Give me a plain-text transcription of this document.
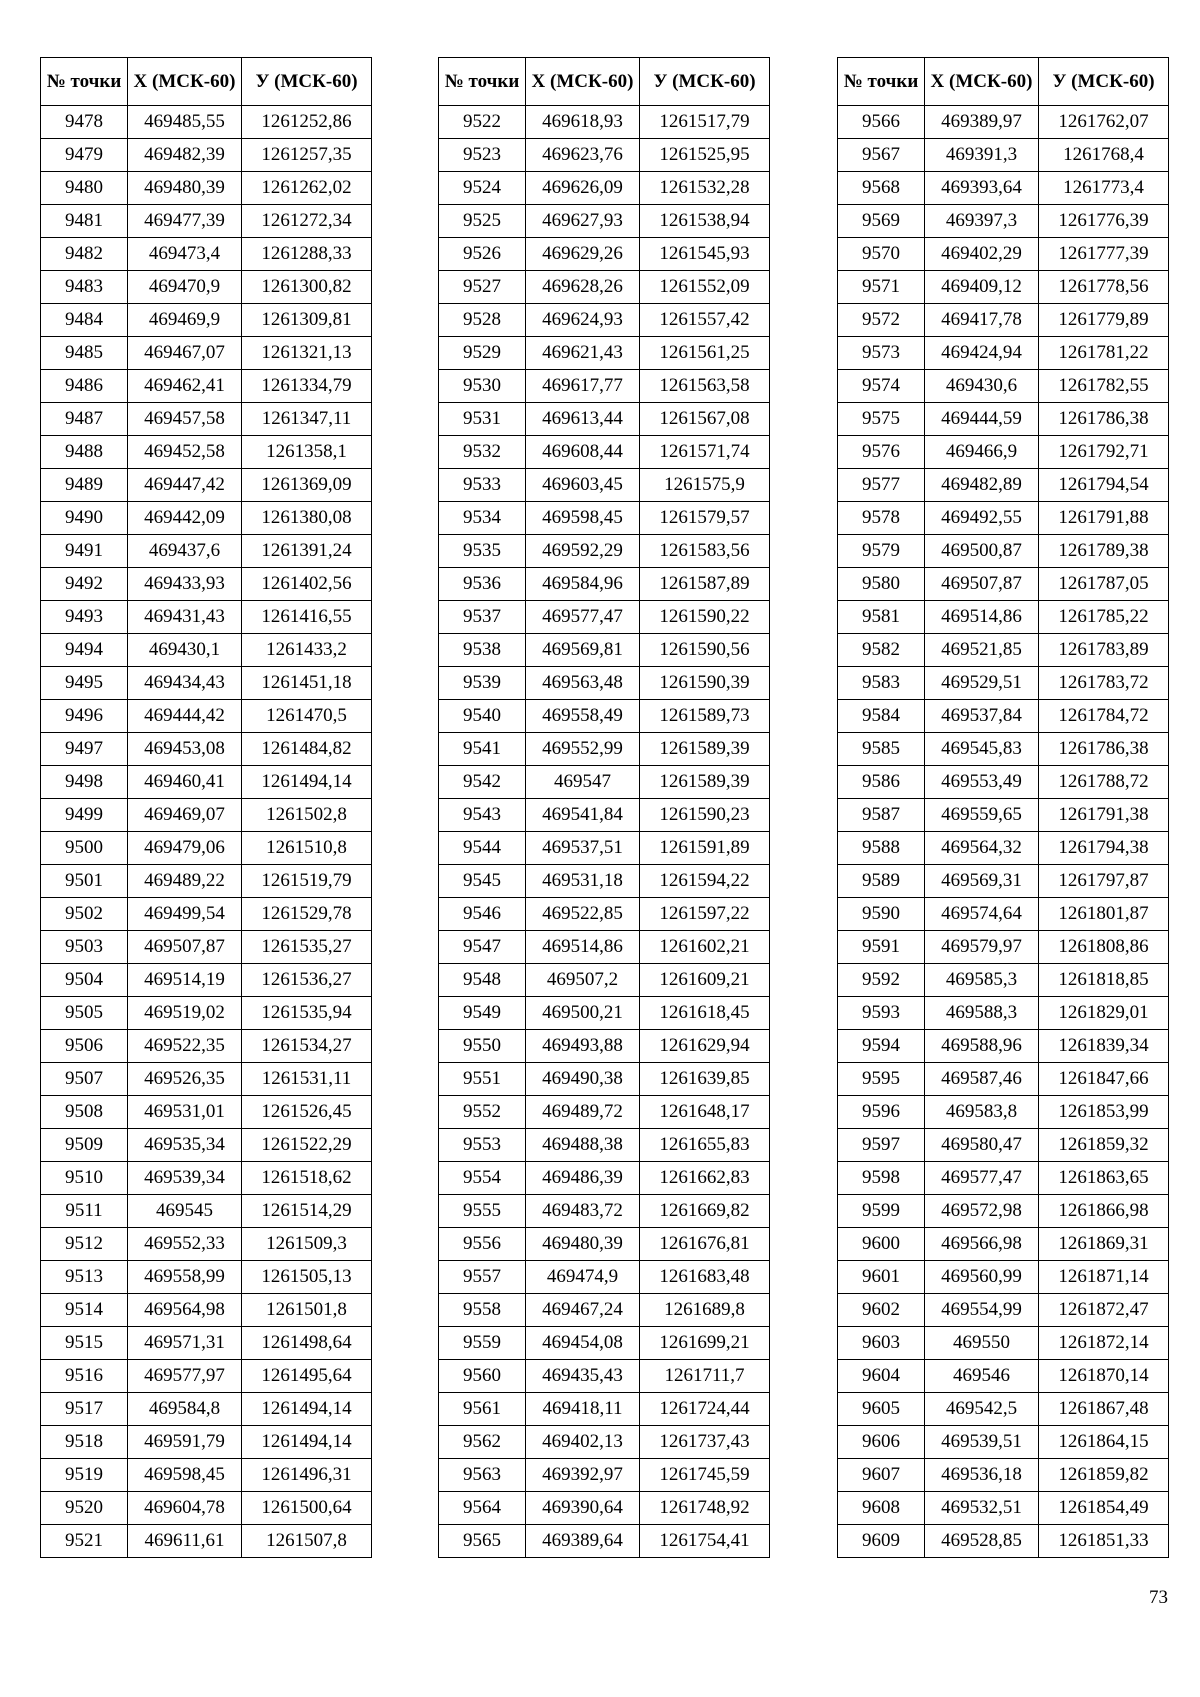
№ точки	Х (МСК-60)	У (МСК-60)
9478	469485,55	1261252,86
9479	469482,39	1261257,35
9480	469480,39	1261262,02
9481	469477,39	1261272,34
9482	469473,4	1261288,33
9483	469470,9	1261300,82
9484	469469,9	1261309,81
9485	469467,07	1261321,13
9486	469462,41	1261334,79
9487	469457,58	1261347,11
9488	469452,58	1261358,1
9489	469447,42	1261369,09
9490	469442,09	1261380,08
9491	469437,6	1261391,24
9492	469433,93	1261402,56
9493	469431,43	1261416,55
9494	469430,1	1261433,2
9495	469434,43	1261451,18
9496	469444,42	1261470,5
9497	469453,08	1261484,82
9498	469460,41	1261494,14
9499	469469,07	1261502,8
9500	469479,06	1261510,8
9501	469489,22	1261519,79
9502	469499,54	1261529,78
9503	469507,87	1261535,27
9504	469514,19	1261536,27
9505	469519,02	1261535,94
9506	469522,35	1261534,27
9507	469526,35	1261531,11
9508	469531,01	1261526,45
9509	469535,34	1261522,29
9510	469539,34	1261518,62
9511	469545	1261514,29
9512	469552,33	1261509,3
9513	469558,99	1261505,13
9514	469564,98	1261501,8
9515	469571,31	1261498,64
9516	469577,97	1261495,64
9517	469584,8	1261494,14
9518	469591,79	1261494,14
9519	469598,45	1261496,31
9520	469604,78	1261500,64
9521	469611,61	1261507,8
№ точки	Х (МСК-60)	У (МСК-60)
9522	469618,93	1261517,79
9523	469623,76	1261525,95
9524	469626,09	1261532,28
9525	469627,93	1261538,94
9526	469629,26	1261545,93
9527	469628,26	1261552,09
9528	469624,93	1261557,42
9529	469621,43	1261561,25
9530	469617,77	1261563,58
9531	469613,44	1261567,08
9532	469608,44	1261571,74
9533	469603,45	1261575,9
9534	469598,45	1261579,57
9535	469592,29	1261583,56
9536	469584,96	1261587,89
9537	469577,47	1261590,22
9538	469569,81	1261590,56
9539	469563,48	1261590,39
9540	469558,49	1261589,73
9541	469552,99	1261589,39
9542	469547	1261589,39
9543	469541,84	1261590,23
9544	469537,51	1261591,89
9545	469531,18	1261594,22
9546	469522,85	1261597,22
9547	469514,86	1261602,21
9548	469507,2	1261609,21
9549	469500,21	1261618,45
9550	469493,88	1261629,94
9551	469490,38	1261639,85
9552	469489,72	1261648,17
9553	469488,38	1261655,83
9554	469486,39	1261662,83
9555	469483,72	1261669,82
9556	469480,39	1261676,81
9557	469474,9	1261683,48
9558	469467,24	1261689,8
9559	469454,08	1261699,21
9560	469435,43	1261711,7
9561	469418,11	1261724,44
9562	469402,13	1261737,43
9563	469392,97	1261745,59
9564	469390,64	1261748,92
9565	469389,64	1261754,41
№ точки	Х (МСК-60)	У (МСК-60)
9566	469389,97	1261762,07
9567	469391,3	1261768,4
9568	469393,64	1261773,4
9569	469397,3	1261776,39
9570	469402,29	1261777,39
9571	469409,12	1261778,56
9572	469417,78	1261779,89
9573	469424,94	1261781,22
9574	469430,6	1261782,55
9575	469444,59	1261786,38
9576	469466,9	1261792,71
9577	469482,89	1261794,54
9578	469492,55	1261791,88
9579	469500,87	1261789,38
9580	469507,87	1261787,05
9581	469514,86	1261785,22
9582	469521,85	1261783,89
9583	469529,51	1261783,72
9584	469537,84	1261784,72
9585	469545,83	1261786,38
9586	469553,49	1261788,72
9587	469559,65	1261791,38
9588	469564,32	1261794,38
9589	469569,31	1261797,87
9590	469574,64	1261801,87
9591	469579,97	1261808,86
9592	469585,3	1261818,85
9593	469588,3	1261829,01
9594	469588,96	1261839,34
9595	469587,46	1261847,66
9596	469583,8	1261853,99
9597	469580,47	1261859,32
9598	469577,47	1261863,65
9599	469572,98	1261866,98
9600	469566,98	1261869,31
9601	469560,99	1261871,14
9602	469554,99	1261872,47
9603	469550	1261872,14
9604	469546	1261870,14
9605	469542,5	1261867,48
9606	469539,51	1261864,15
9607	469536,18	1261859,82
9608	469532,51	1261854,49
9609	469528,85	1261851,33
73
